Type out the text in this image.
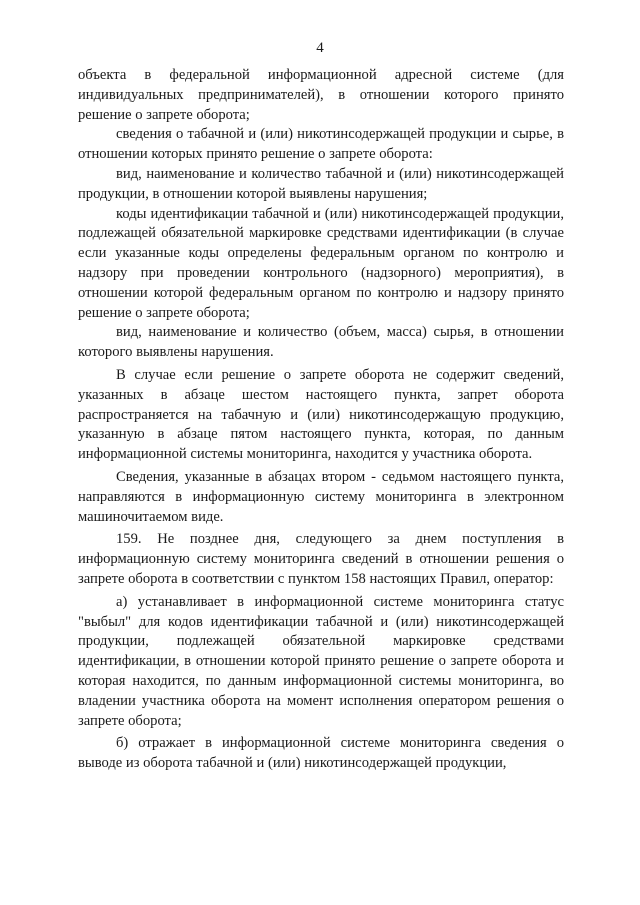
4

объекта в федеральной информационной адресной системе (для индивидуальных предпринимателей), в отношении которого принято решение о запрете оборота;

сведения о табачной и (или) никотинсодержащей продукции и сырье, в отношении которых принято решение о запрете оборота:

вид, наименование и количество табачной и (или) никотинсодержащей продукции, в отношении которой выявлены нарушения;

коды идентификации табачной и (или) никотинсодержащей продукции, подлежащей обязательной маркировке средствами идентификации (в случае если указанные коды определены федеральным органом по контролю и надзору при проведении контрольного (надзорного) мероприятия), в отношении которой федеральным органом по контролю и надзору принято решение о запрете оборота;

вид, наименование и количество (объем, масса) сырья, в отношении которого выявлены нарушения.

В случае если решение о запрете оборота не содержит сведений, указанных в абзаце шестом настоящего пункта, запрет оборота распространяется на табачную и (или) никотинсодержащую продукцию, указанную в абзаце пятом настоящего пункта, которая, по данным информационной системы мониторинга, находится у участника оборота.

Сведения, указанные в абзацах втором - седьмом настоящего пункта, направляются в информационную систему мониторинга в электронном машиночитаемом виде.

159. Не позднее дня, следующего за днем поступления в информационную систему мониторинга сведений в отношении решения о запрете оборота в соответствии с пунктом 158 настоящих Правил, оператор:

а) устанавливает в информационной системе мониторинга статус "выбыл" для кодов идентификации табачной и (или) никотинсодержащей продукции, подлежащей обязательной маркировке средствами идентификации, в отношении которой принято решение о запрете оборота и которая находится, по данным информационной системы мониторинга, во владении участника оборота на момент исполнения оператором решения о запрете оборота;

б) отражает в информационной системе мониторинга сведения о выводе из оборота табачной и (или) никотинсодержащей продукции,
